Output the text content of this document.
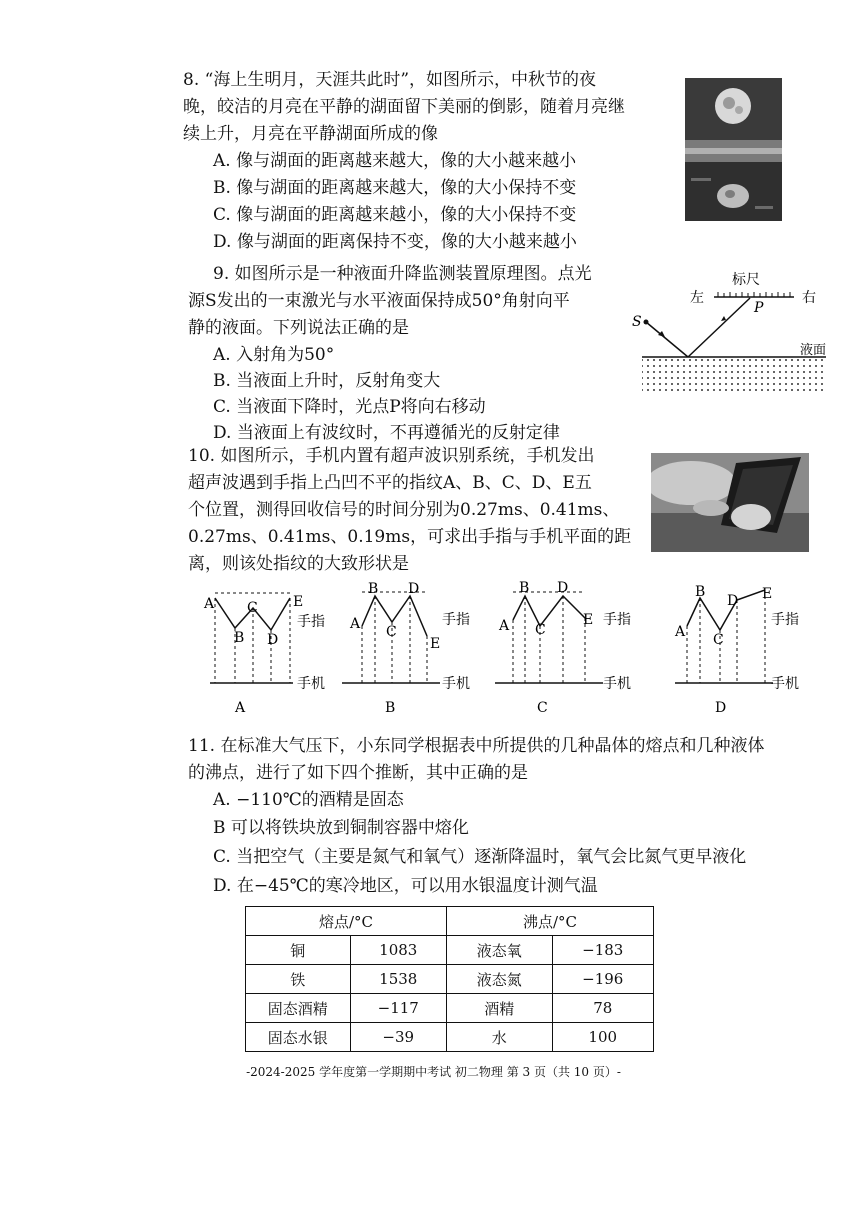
8. “海上生明月，天涯共此时”，如图所示，中秋节的夜
晚，皎洁的月亮在平静的湖面留下美丽的倒影，随着月亮继
续上升，月亮在平静湖面所成的像
A. 像与湖面的距离越来越大，像的大小越来越小
B. 像与湖面的距离越来越大，像的大小保持不变
C. 像与湖面的距离越来越小，像的大小保持不变
D. 像与湖面的距离保持不变，像的大小越来越小
9. 如图所示是一种液面升降监测装置原理图。点光
源S发出的一束激光与水平液面保持成50°角射向平
静的液面。下列说法正确的是
A. 入射角为50°
B. 当液面上升时，反射角变大
C. 当液面下降时，光点P将向右移动
D. 当液面上有波纹时，不再遵循光的反射定律
标尺
左	右
S
P
液面
10. 如图所示，手机内置有超声波识别系统，手机发出
超声波遇到手指上凸凹不平的指纹A、B、C、D、E五
个位置，测得回收信号的时间分别为0.27ms、0.41ms、
0.27ms、0.41ms、0.19ms，可求出手指与手机平面的距
离，则该处指纹的大致形状是
A
B
C
D
E
手指
手机
A
A
B
C
D
E
手指
手机
B
A
B
C
D
E 手指
手机
C
A
B
C
D E
手指
手机
D
11. 在标准大气压下，小东同学根据表中所提供的几种晶体的熔点和几种液体
的沸点，进行了如下四个推断，其中正确的是
A. −110℃的酒精是固态
B 可以将铁块放到铜制容器中熔化
C. 当把空气（主要是氮气和氧气）逐渐降温时，氧气会比氮气更早液化
D. 在−45℃的寒冷地区，可以用水银温度计测气温
熔点/°C		沸点/°C	
铜	1083	液态氧	−183
铁	1538	液态氮	−196
固态酒精	−117	酒精	78
固态水银	−39	水	100
-2024-2025 学年度第一学期期中考试 初二物理 第 3 页（共 10 页）-
